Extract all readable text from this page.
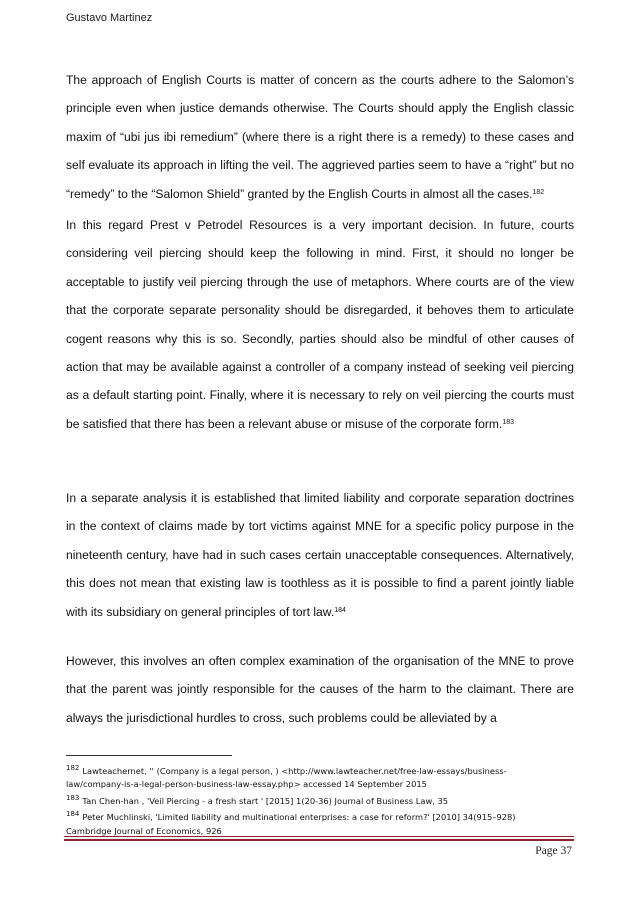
Gustavo Martinez

The approach of English Courts is matter of concern as the courts adhere to the Salomon’s principle even when justice demands otherwise. The Courts should apply the English classic maxim of “ubi jus ibi remedium” (where there is a right there is a remedy) to these cases and self evaluate its approach in lifting the veil. The aggrieved parties seem to have a “right” but no “remedy” to the “Salomon Shield” granted by the English Courts in almost all the cases.$^{182}$

In this regard Prest v Petrodel Resources is a very important decision. In future, courts considering veil piercing should keep the following in mind. First, it should no longer be acceptable to justify veil piercing through the use of metaphors. Where courts are of the view that the corporate separate personality should be disregarded, it behoves them to articulate cogent reasons why this is so. Secondly, parties should also be mindful of other causes of action that may be available against a controller of a company instead of seeking veil piercing as a default starting point. Finally, where it is necessary to rely on veil piercing the courts must be satisfied that there has been a relevant abuse or misuse of the corporate form.$^{183}$

In a separate analysis it is established that limited liability and corporate separation doctrines in the context of claims made by tort victims against MNE for a specific policy purpose in the nineteenth century, have had in such cases certain unacceptable consequences. Alternatively, this does not mean that existing law is toothless as it is possible to find a parent jointly liable with its subsidiary on general principles of tort law.$^{184}$

However, this involves an often complex examination of the organisation of the MNE to prove that the parent was jointly responsible for the causes of the harm to the claimant. There are always the jurisdictional hurdles to cross, such problems could be alleviated by a

$^{182}$ Lawteachernet, '' (Company is a legal person, ) <http://www.lawteacher.net/free-law-essays/business-

law/company-is-a-legal-person-business-law-essay.php> accessed 14 September 2015

$^{183}$ Tan Chen-han , 'Veil Piercing - a fresh start ' [2015] 1(20-36) Journal of Business Law, 35

$^{184}$ Peter Muchlinski, 'Limited liability and multinational enterprises: a case for reform?' [2010] 34(915–928)

Cambridge Journal of Economics, 926

Page 37
